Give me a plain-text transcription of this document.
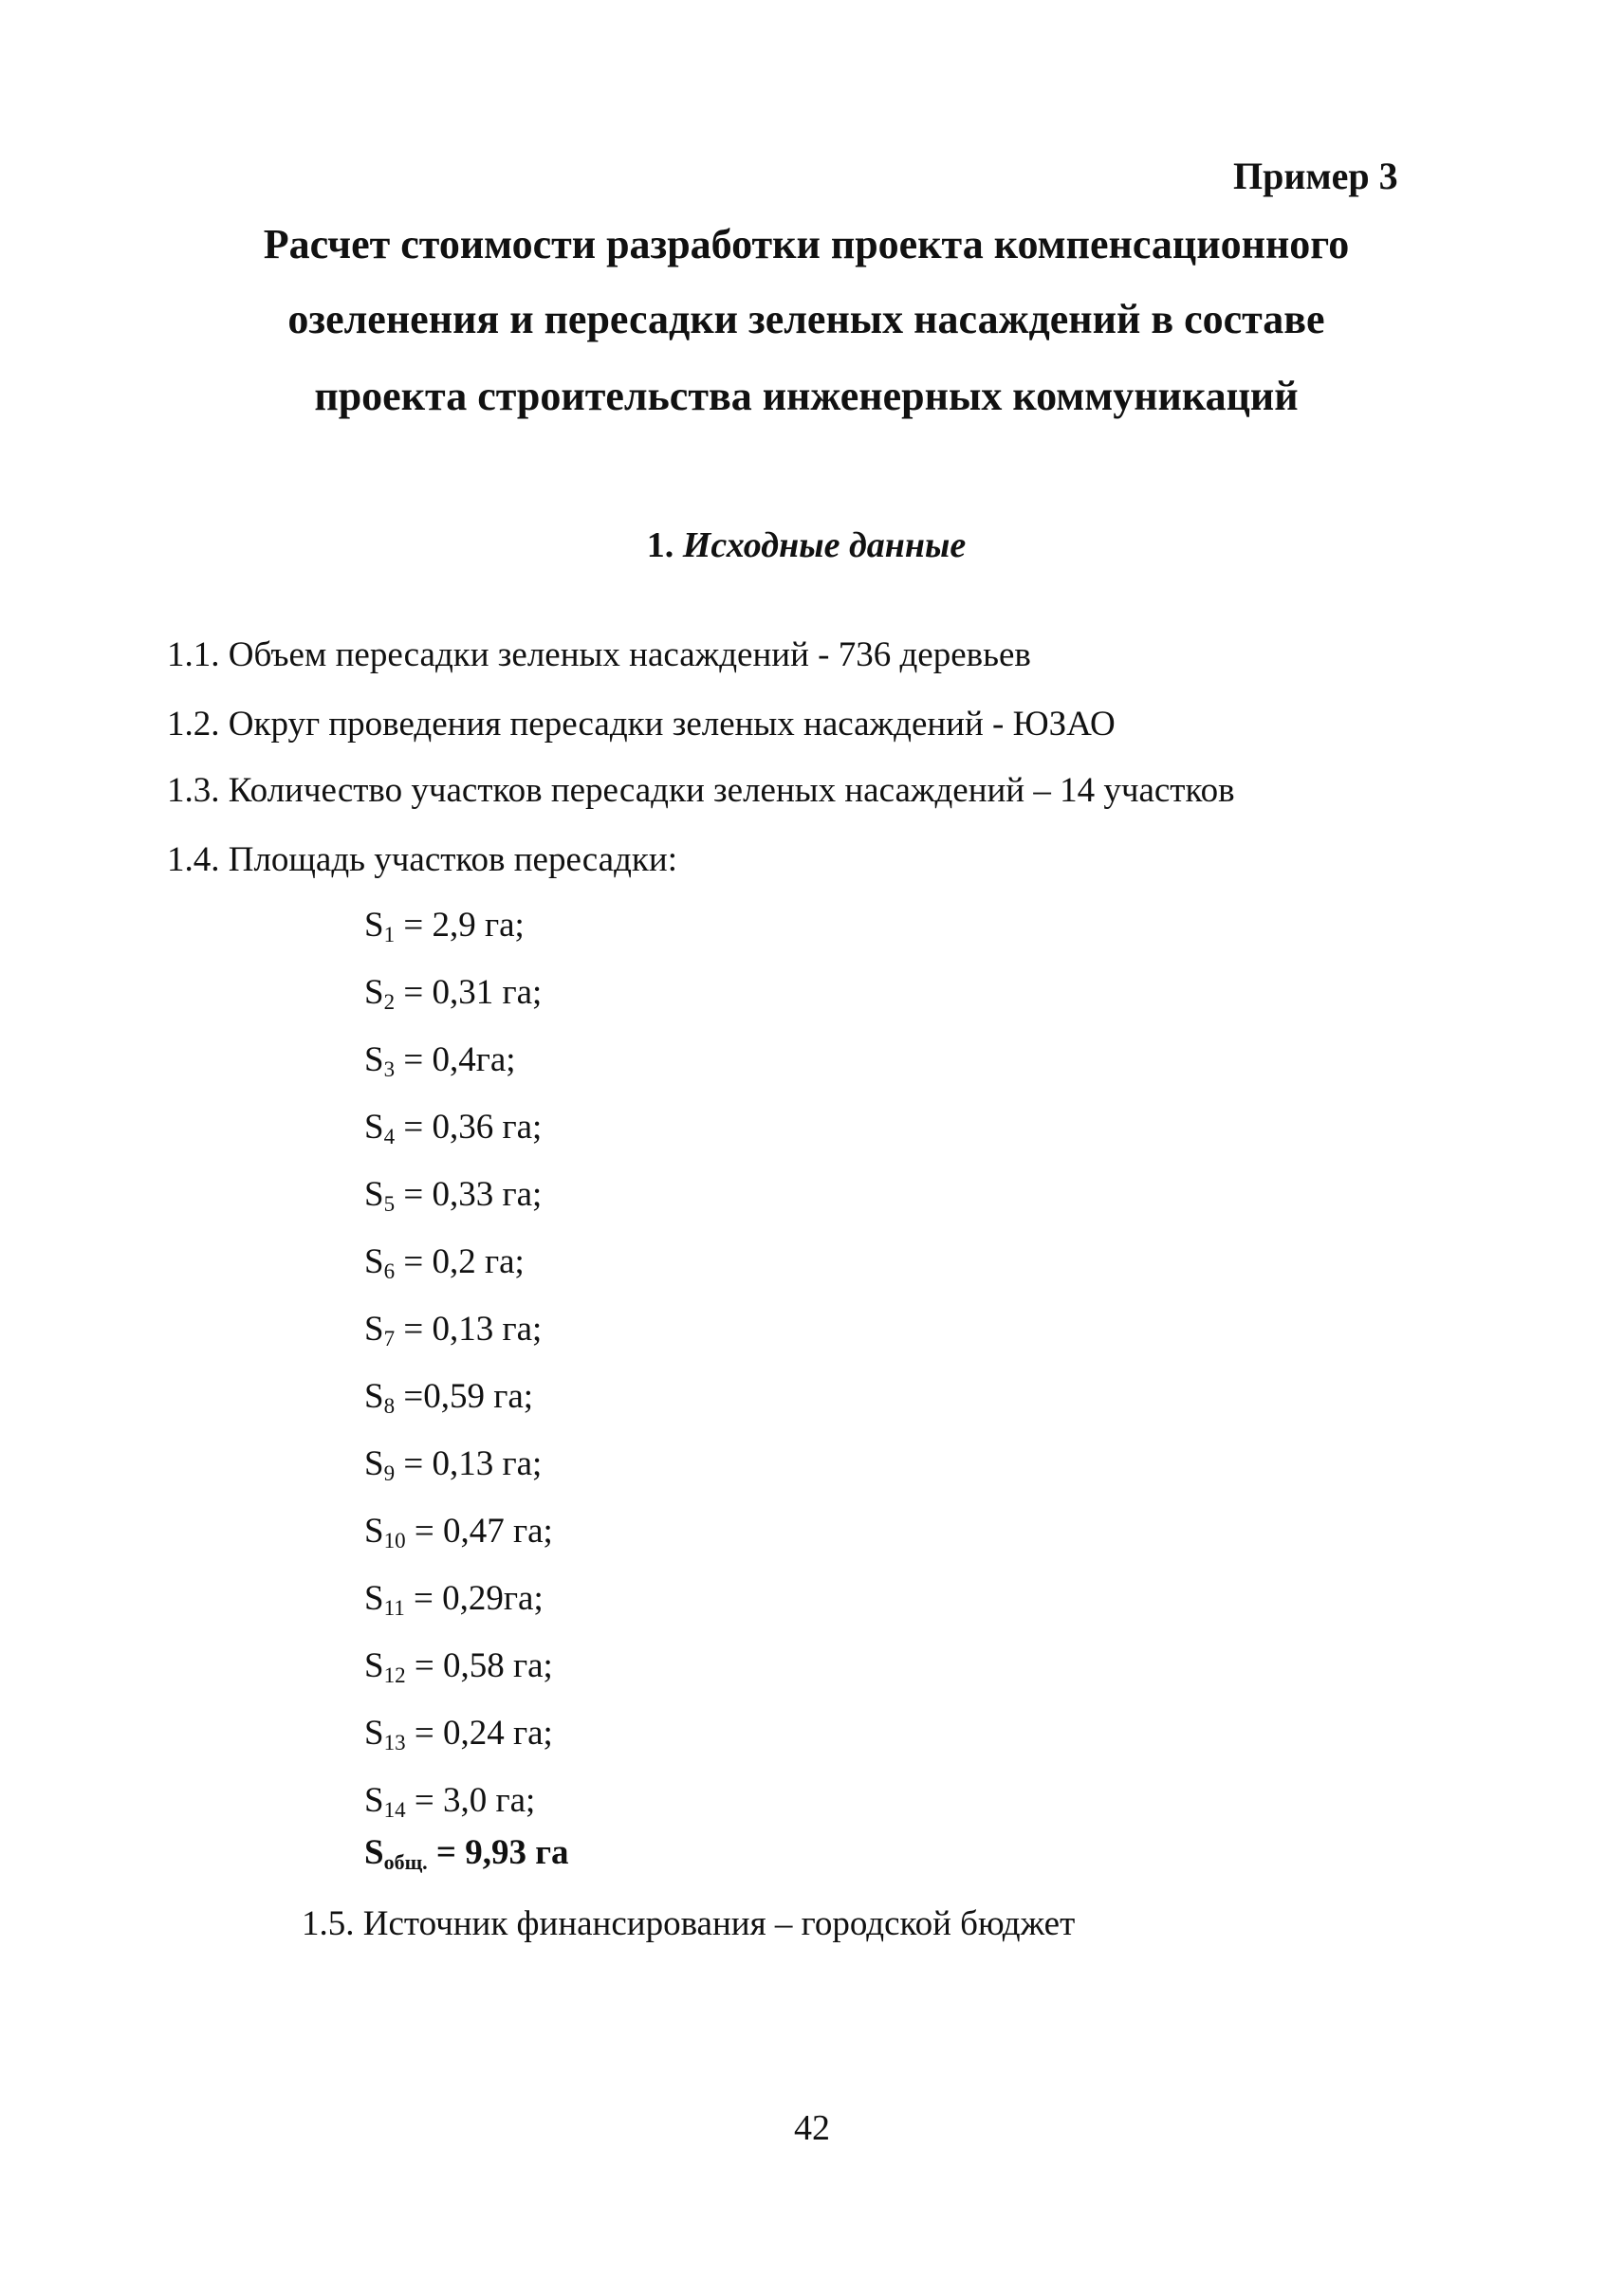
Пример 3
Расчет стоимости разработки проекта компенсационного
озеленения и пересадки зеленых насаждений в составе
проекта строительства инженерных коммуникаций
1. Исходные данные
1.1. Объем пересадки зеленых насаждений - 736 деревьев
1.2. Округ проведения пересадки зеленых насаждений - ЮЗАО
1.3. Количество участков пересадки зеленых насаждений – 14 участков
1.4. Площадь участков пересадки:
$S_1 = 2,9$ га;
$S_2 = 0,31$ га;
$S_3 = 0,4га$;
$S_4 = 0,36$ га;
$S_5 = 0,33$ га;
$S_6 = 0,2$ га;
$S_7 = 0,13$ га;
$S_8 =0,59$ га;
$S_9 = 0,13$ га;
$S_{10} = 0,47$ га;
$S_{11} = 0,29га$;
$S_{12} = 0,58$ га;
$S_{13} = 0,24$ га;
$S_{14} = 3,0$ га;
$S_{общ.} = 9,93$ га
1.5. Источник финансирования – городской бюджет
42
